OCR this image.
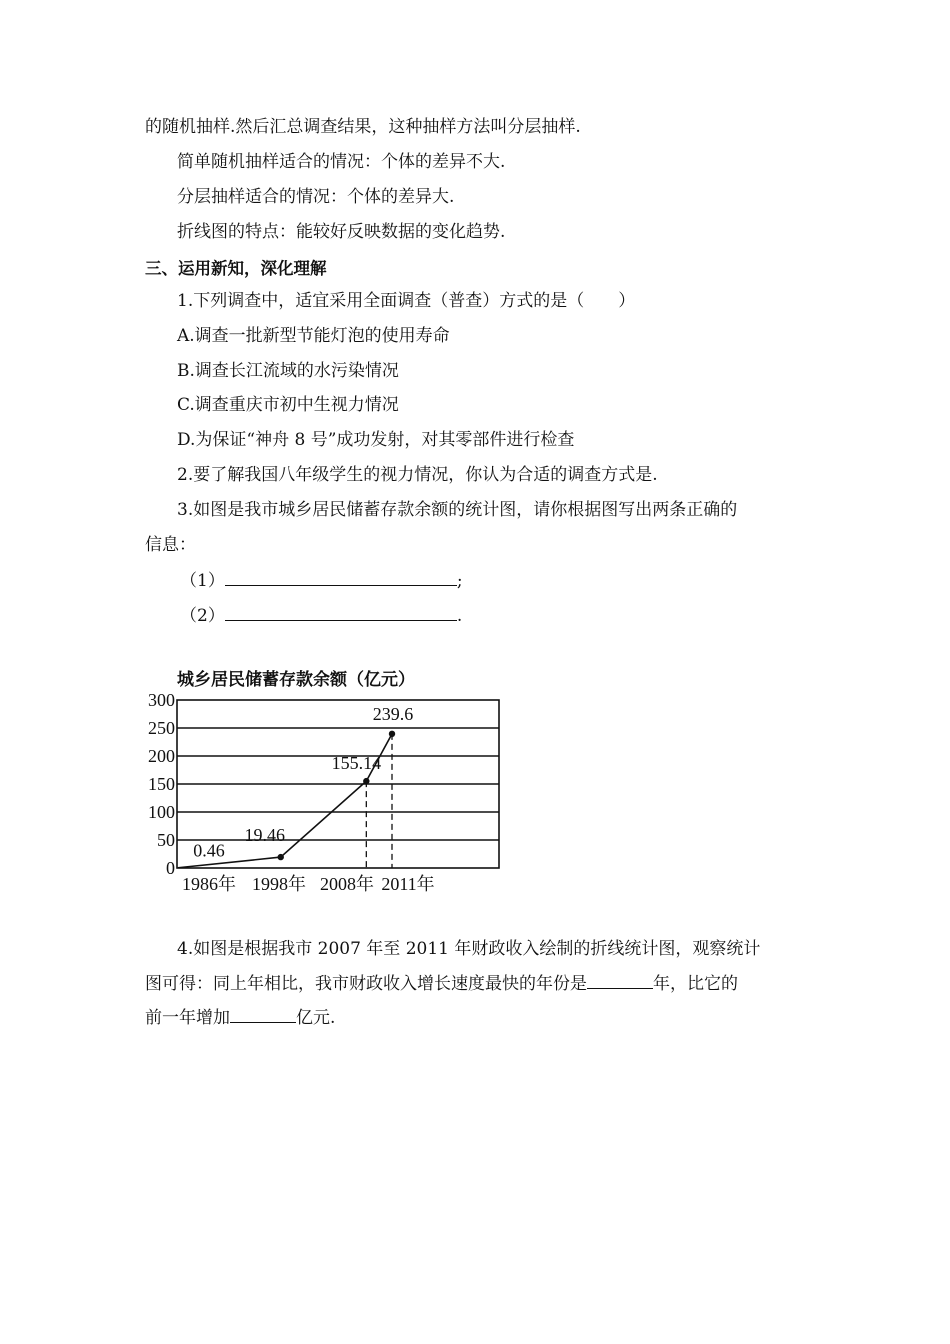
的随机抽样.然后汇总调查结果，这种抽样方法叫分层抽样.
简单随机抽样适合的情况：个体的差异不大.
分层抽样适合的情况：个体的差异大.
折线图的特点：能较好反映数据的变化趋势.
三、运用新知，深化理解
1.下列调查中，适宜采用全面调查（普查）方式的是（　　）
A.调查一批新型节能灯泡的使用寿命
B.调查长江流域的水污染情况
C.调查重庆市初中生视力情况
D.为保证“神舟 8 号”成功发射，对其零部件进行检查
2.要了解我国八年级学生的视力情况，你认为合适的调查方式是.
3.如图是我市城乡居民储蓄存款余额的统计图，请你根据图写出两条正确的
信息：
（1）	;
（2）	.
城乡居民储蓄存款余额（亿元）
0
50
100
150
200
250
300
1986年 1998年 2008年 2011年
0.46
19.46
155.14
239.6
4.如图是根据我市 2007 年至 2011 年财政收入绘制的折线统计图，观察统计
图可得：同上年相比，我市财政收入增长速度最快的年份是	年，比它的
前一年增加	亿元.
